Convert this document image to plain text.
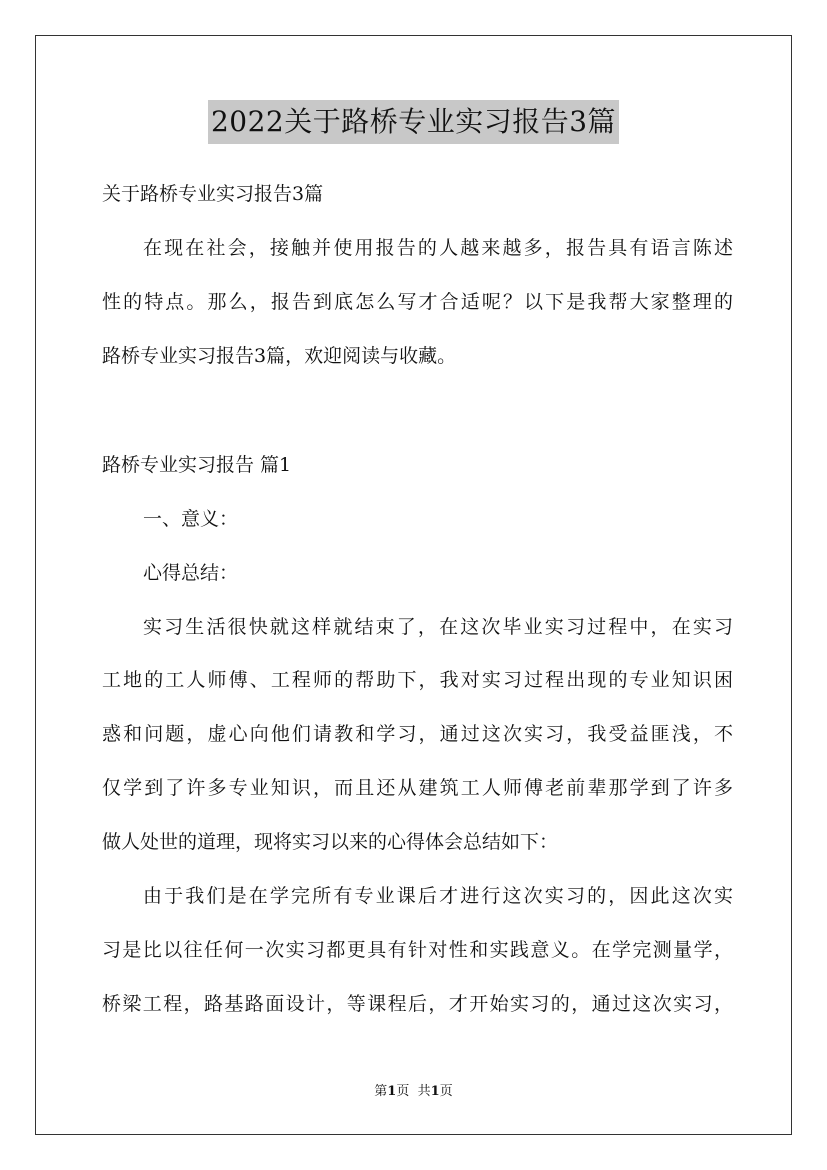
2022关于路桥专业实习报告3篇
关于路桥专业实习报告3篇
在现在社会，接触并使用报告的人越来越多，报告具有语言陈述
性的特点。那么，报告到底怎么写才合适呢？以下是我帮大家整理的
路桥专业实习报告3篇，欢迎阅读与收藏。
路桥专业实习报告 篇1
一、意义：
心得总结：
实习生活很快就这样就结束了，在这次毕业实习过程中，在实习
工地的工人师傅、工程师的帮助下，我对实习过程出现的专业知识困
惑和问题，虚心向他们请教和学习，通过这次实习，我受益匪浅，不
仅学到了许多专业知识，而且还从建筑工人师傅老前辈那学到了许多
做人处世的道理，现将实习以来的心得体会总结如下：
由于我们是在学完所有专业课后才进行这次实习的，因此这次实
习是比以往任何一次实习都更具有针对性和实践意义。在学完测量学，
桥梁工程，路基路面设计，等课程后，才开始实习的，通过这次实习，
第1页 共1页
